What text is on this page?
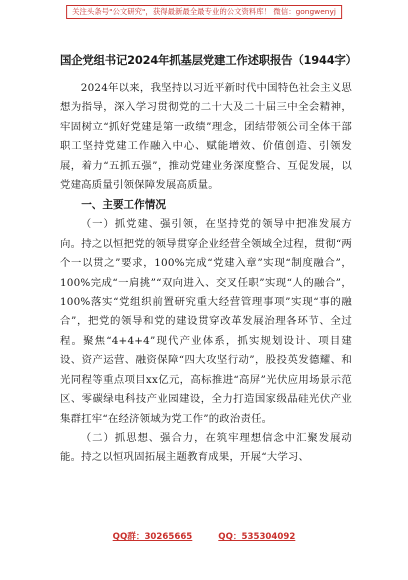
关注头条号"公文研究"，获得最新最全最专业的公文资料库！ 微信：gongwenyj
国企党组书记2024年抓基层党建工作述职报告（1944字）

2024年以来，我坚持以习近平新时代中国特色社会主义思想为指导，深入学习贯彻党的二十大及二十届三中全会精神，牢固树立“抓好党建是第一政绩”理念，团结带领公司全体干部职工坚持党建工作融入中心、赋能增效、价值创造、引领发展，着力“五抓五强”，推动党建业务深度整合、互促发展，以党建高质量引领保障发展高质量。

一、主要工作情况

（一）抓党建、强引领，在坚持党的领导中把准发展方向。持之以恒把党的领导贯穿企业经营全领域全过程，贯彻“两个一以贯之”要求，100%完成“党建入章”实现“制度融合”，100%完成“一肩挑”“双向进入、交叉任职”实现“人的融合”，100%落实“党组织前置研究重大经营管理事项”实现“事的融合”，把党的领导和党的建设贯穿改革发展治理各环节、全过程。聚焦“4+4+4”现代产业体系，抓实规划设计、项目建设、资产运营、融资保障“四大攻坚行动”，股投英发德耀、和光同程等重点项目xx亿元，高标推进“高屏”光伏应用场景示范区、零碳绿电科技产业园建设，全力打造国家级晶硅光伏产业集群扛牢“在经济领域为党工作”的政治责任。

（二）抓思想、强合力，在筑牢理想信念中汇聚发展动能。持之以恒巩固拓展主题教育成果，开展“大学习、

QQ群：30265665	QQ：535304092
